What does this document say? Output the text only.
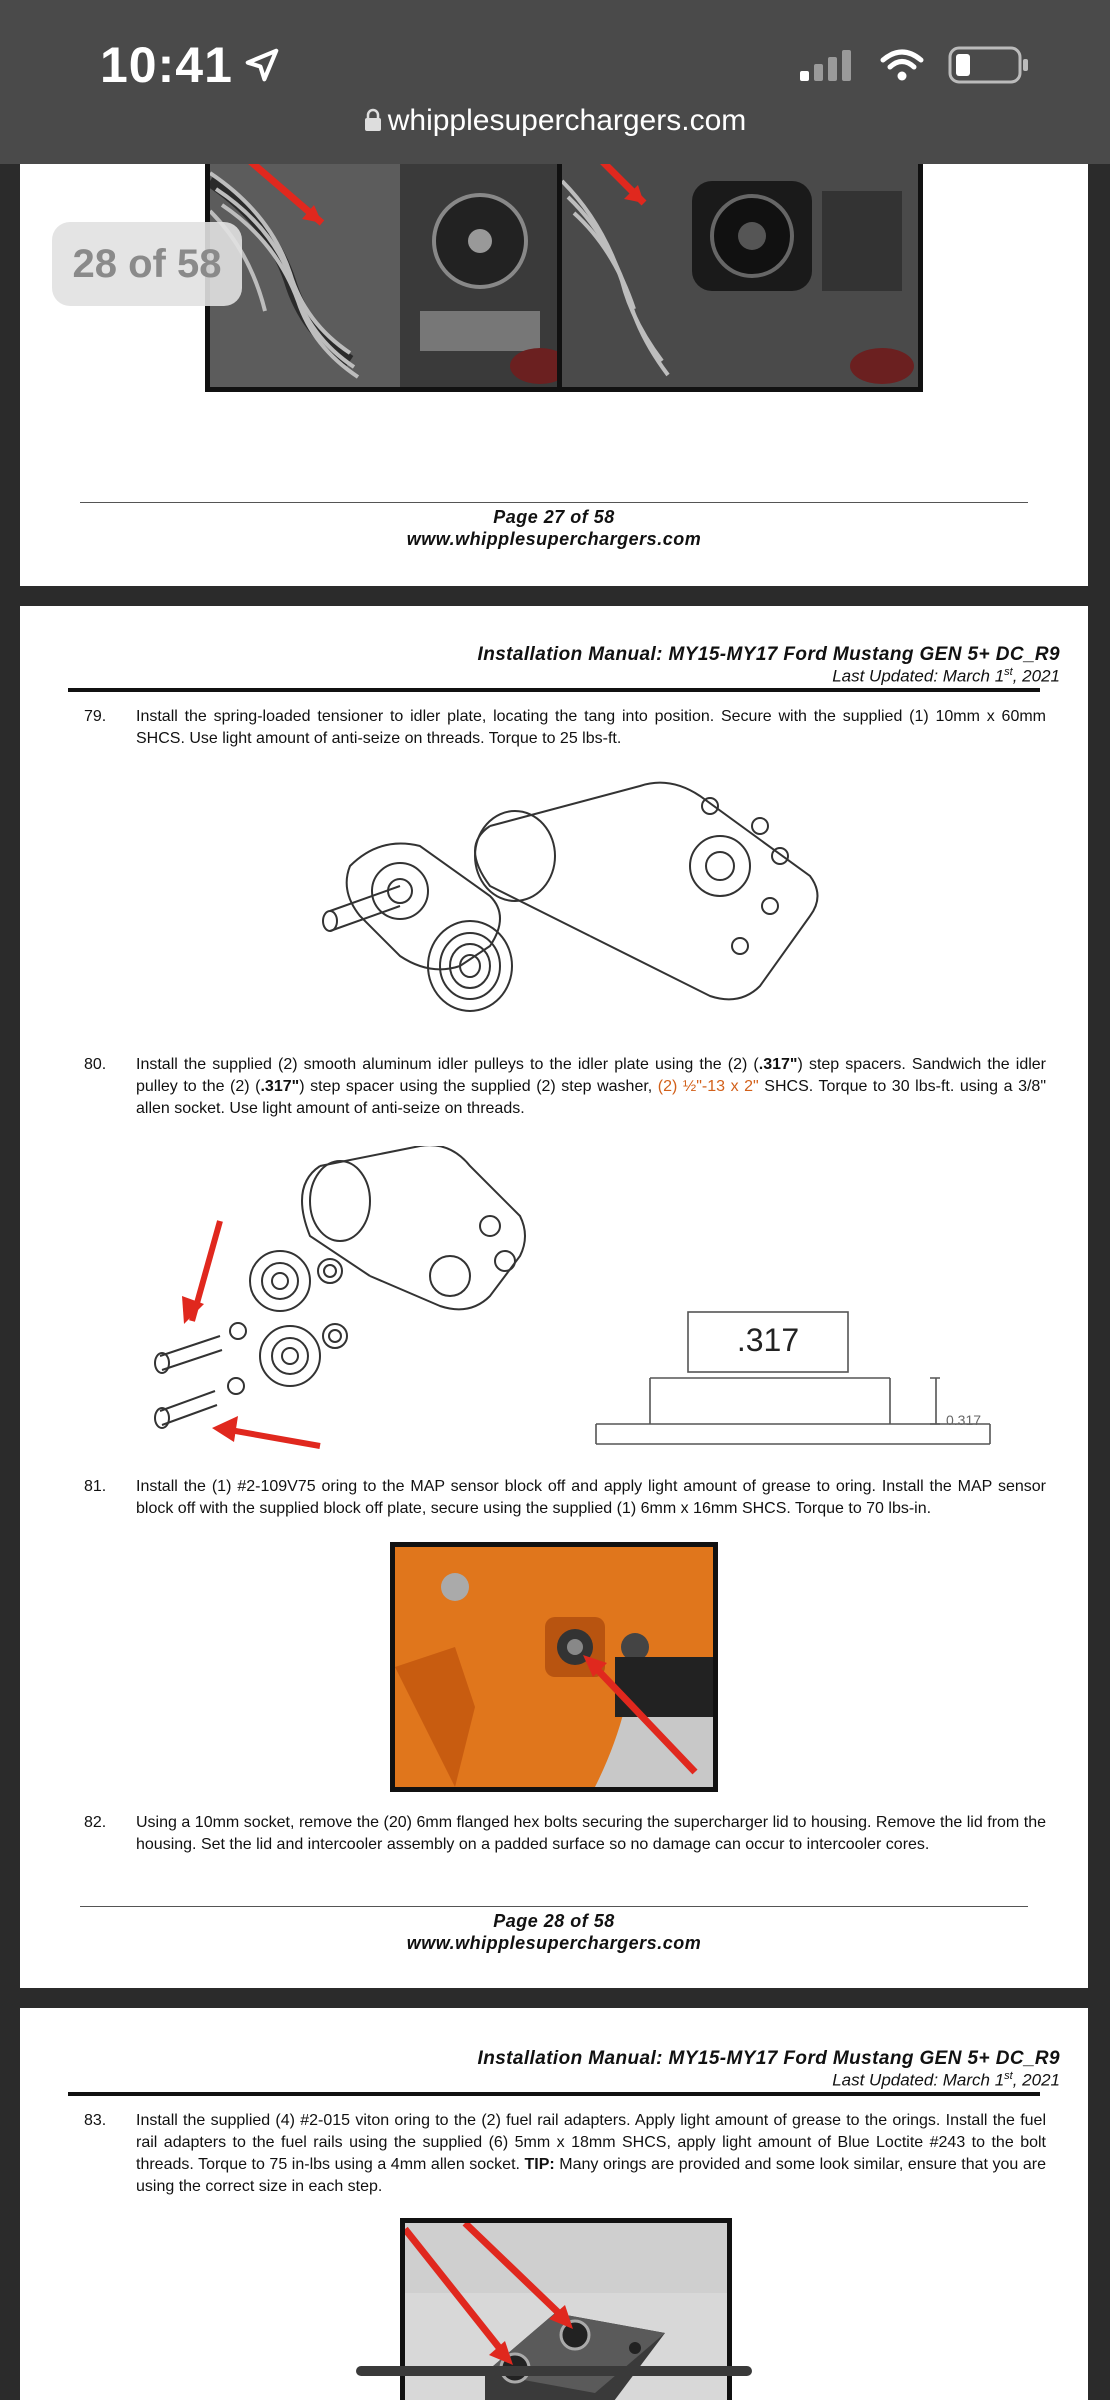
10:41
whipplesuperchargers.com
28 of 58
Page 27 of 58
www.whipplesuperchargers.com
Installation Manual: MY15-MY17 Ford Mustang GEN 5+ DC_R9
Last Updated: March 1st, 2021
79. Install the spring-loaded tensioner to idler plate, locating the tang into position. Secure with the supplied (1) 10mm x 60mm SHCS. Use light amount of anti-seize on threads. Torque to 25 lbs-ft.
80. Install the supplied (2) smooth aluminum idler pulleys to the idler plate using the (2) (.317") step spacers. Sandwich the idler pulley to the (2) (.317") step spacer using the supplied (2) step washer, (2) ½"-13 x 2" SHCS. Torque to 30 lbs-ft. using a 3/8" allen socket. Use light amount of anti-seize on threads.
.317
0.317
81. Install the (1) #2-109V75 oring to the MAP sensor block off and apply light amount of grease to oring. Install the MAP sensor block off with the supplied block off plate, secure using the supplied (1) 6mm x 16mm SHCS. Torque to 70 lbs-in.
82. Using a 10mm socket, remove the (20) 6mm flanged hex bolts securing the supercharger lid to housing. Remove the lid from the housing. Set the lid and intercooler assembly on a padded surface so no damage can occur to intercooler cores.
Page 28 of 58
www.whipplesuperchargers.com
Installation Manual: MY15-MY17 Ford Mustang GEN 5+ DC_R9
Last Updated: March 1st, 2021
83. Install the supplied (4) #2-015 viton oring to the (2) fuel rail adapters. Apply light amount of grease to the orings. Install the fuel rail adapters to the fuel rails using the supplied (6) 5mm x 18mm SHCS, apply light amount of Blue Loctite #243 to the bolt threads. Torque to 75 in-lbs using a 4mm allen socket. TIP: Many orings are provided and some look similar, ensure that you are using the correct size in each step.
